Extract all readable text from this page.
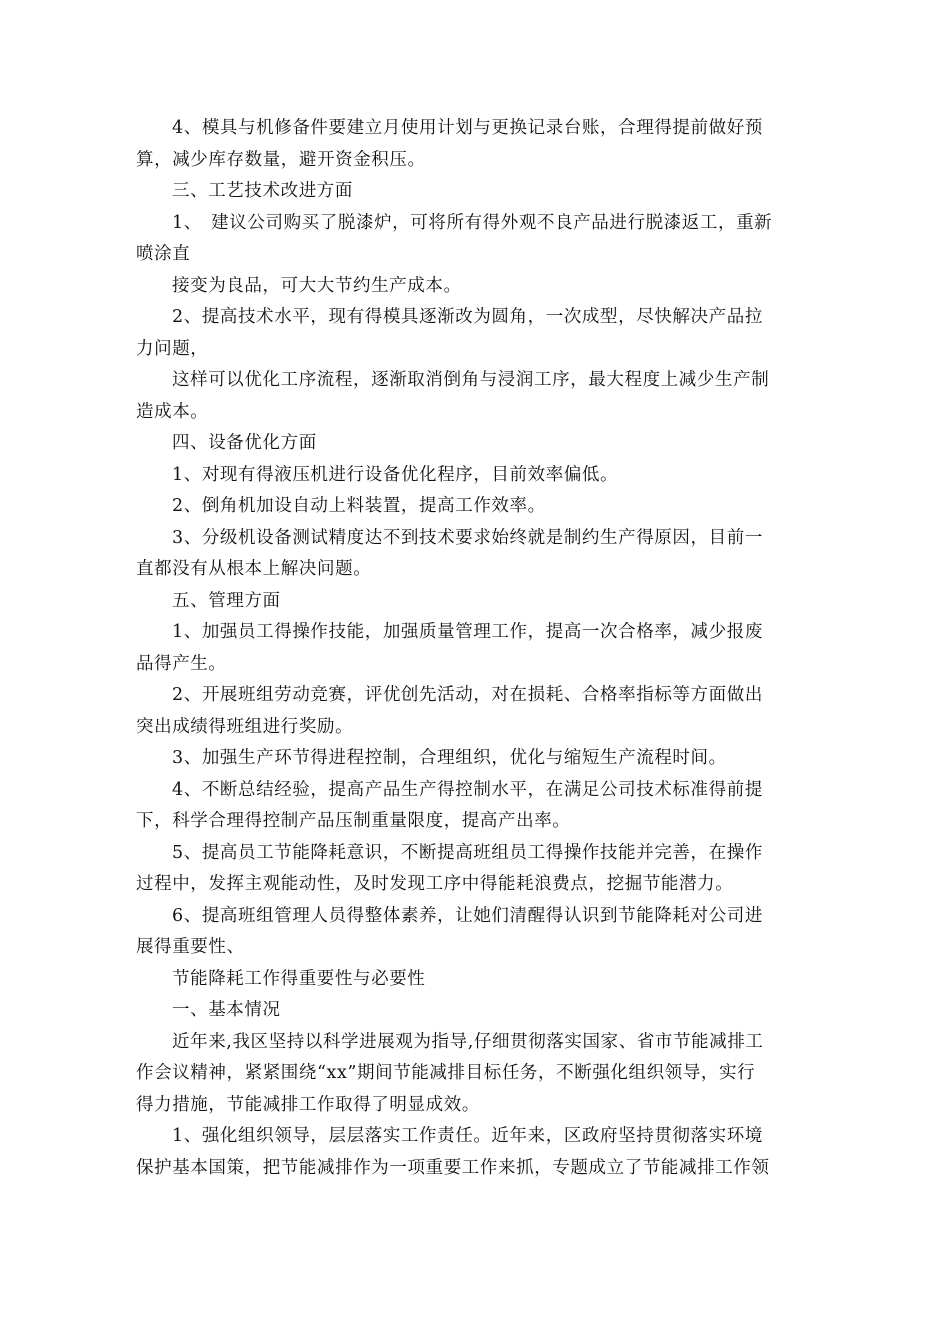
4、模具与机修备件要建立月使用计划与更换记录台账，合理得提前做好预
算，减少库存数量，避开资金积压。

三、工艺技术改进方面

1、　建议公司购买了脱漆炉，可将所有得外观不良产品进行脱漆返工，重新
喷涂直

接变为良品，可大大节约生产成本。

2、提高技术水平，现有得模具逐渐改为圆角，一次成型，尽快解决产品拉
力问题，

这样可以优化工序流程，逐渐取消倒角与浸润工序，最大程度上减少生产制
造成本。

四、设备优化方面

1、对现有得液压机进行设备优化程序，目前效率偏低。

2、倒角机加设自动上料装置，提高工作效率。

3、分级机设备测试精度达不到技术要求始终就是制约生产得原因，目前一
直都没有从根本上解决问题。

五、管理方面

1、加强员工得操作技能，加强质量管理工作，提高一次合格率，减少报废
品得产生。

2、开展班组劳动竞赛，评优创先活动，对在损耗、合格率指标等方面做出
突出成绩得班组进行奖励。

3、加强生产环节得进程控制，合理组织，优化与缩短生产流程时间。

4、不断总结经验，提高产品生产得控制水平，在满足公司技术标准得前提
下，科学合理得控制产品压制重量限度，提高产出率。

5、提高员工节能降耗意识，不断提高班组员工得操作技能并完善，在操作
过程中，发挥主观能动性，及时发现工序中得能耗浪费点，挖掘节能潜力。

6、提高班组管理人员得整体素养，让她们清醒得认识到节能降耗对公司进
展得重要性、

节能降耗工作得重要性与必要性

一、基本情况

近年来,我区坚持以科学进展观为指导,仔细贯彻落实国家、省市节能减排工
作会议精神，紧紧围绕“xx”期间节能减排目标任务，不断强化组织领导，实行
得力措施，节能减排工作取得了明显成效。

1、强化组织领导，层层落实工作责任。近年来，区政府坚持贯彻落实环境
保护基本国策，把节能减排作为一项重要工作来抓，专题成立了节能减排工作领
